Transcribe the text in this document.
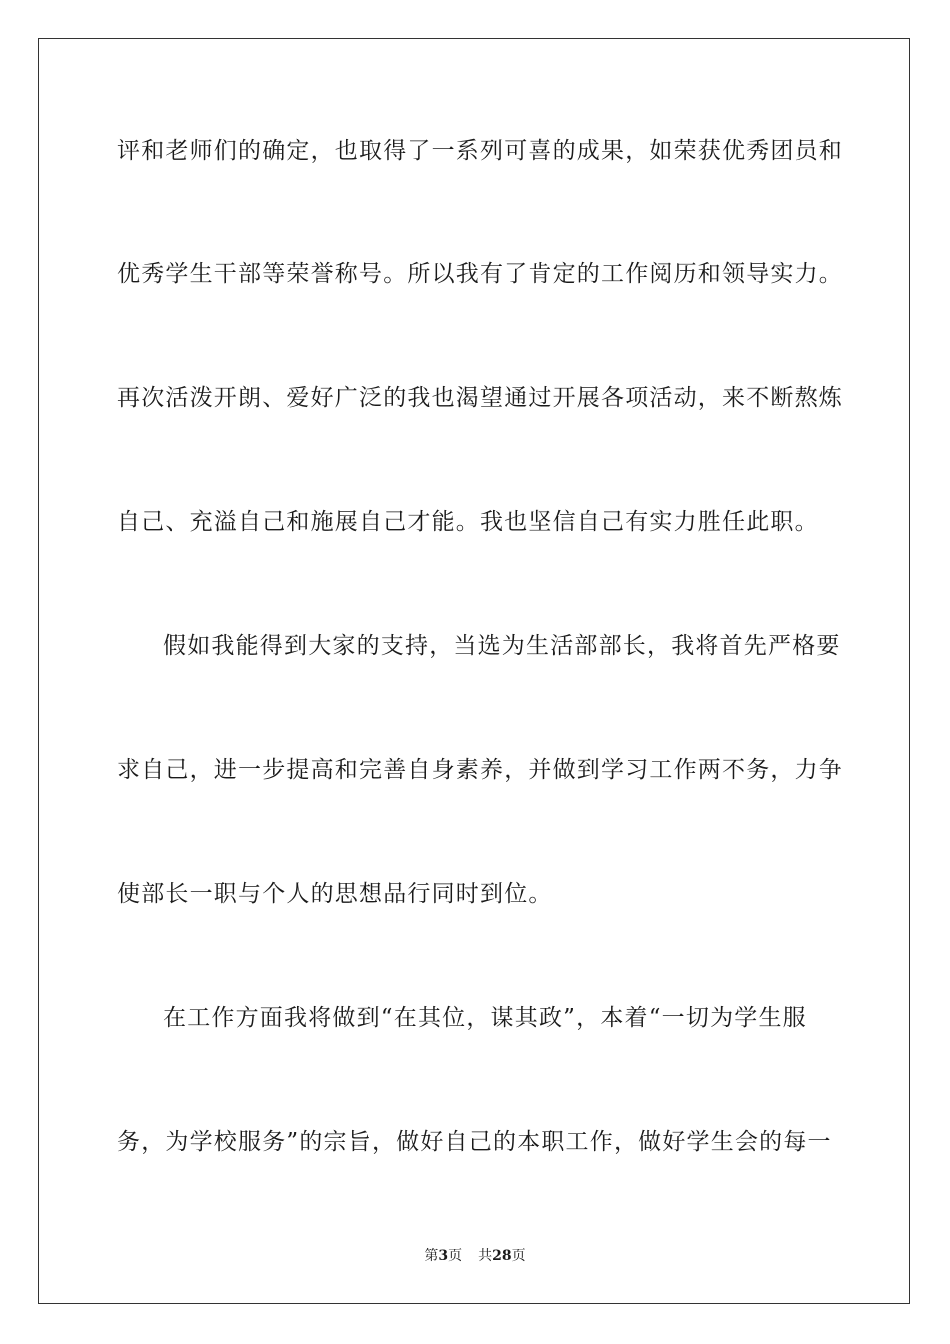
评和老师们的确定，也取得了一系列可喜的成果，如荣获优秀团员和

优秀学生干部等荣誉称号。所以我有了肯定的工作阅历和领导实力。

再次活泼开朗、爱好广泛的我也渴望通过开展各项活动，来不断熬炼

自己、充溢自己和施展自己才能。我也坚信自己有实力胜任此职。

假如我能得到大家的支持，当选为生活部部长，我将首先严格要

求自己，进一步提高和完善自身素养，并做到学习工作两不务，力争

使部长一职与个人的思想品行同时到位。

在工作方面我将做到“在其位，谋其政”，本着“一切为学生服

务，为学校服务”的宗旨，做好自己的本职工作，做好学生会的每一

第3页 共28页
